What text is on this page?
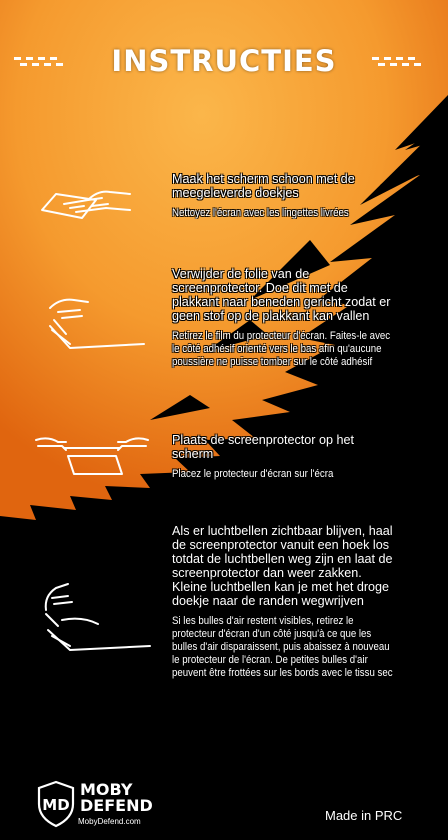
INSTRUCTIES
Maak het scherm schoon met de meegeleverde doekjes
Nettoyez l'écran avec les lingettes livrées
Verwijder de folie van de screenprotector. Doe dit met de plakkant naar beneden gericht zodat er geen stof op de plakkant kan vallen
Retirez le film du protecteur d'écran. Faites-le avec le côté adhésif orienté vers le bas afin qu'aucune poussière ne puisse tomber sur le côté adhésif
Plaats de screenprotector op het scherm
Placez le protecteur d'écran sur l'écra
Als er luchtbellen zichtbaar blijven, haal de screenprotector vanuit een hoek los totdat de luchtbellen weg zijn en laat de screenprotector dan weer zakken. Kleine luchtbellen kan je met het droge doekje naar de randen wegwrijven
Si les bulles d'air restent visibles, retirez le protecteur d'écran d'un côté jusqu'à ce que les bulles d'air disparaissent, puis abaissez à nouveau le protecteur de l'écran. De petites bulles d'air peuvent être frottées sur les bords avec le tissu sec
MD
MOBY
DEFEND
MobyDefend.com	Made in PRC
